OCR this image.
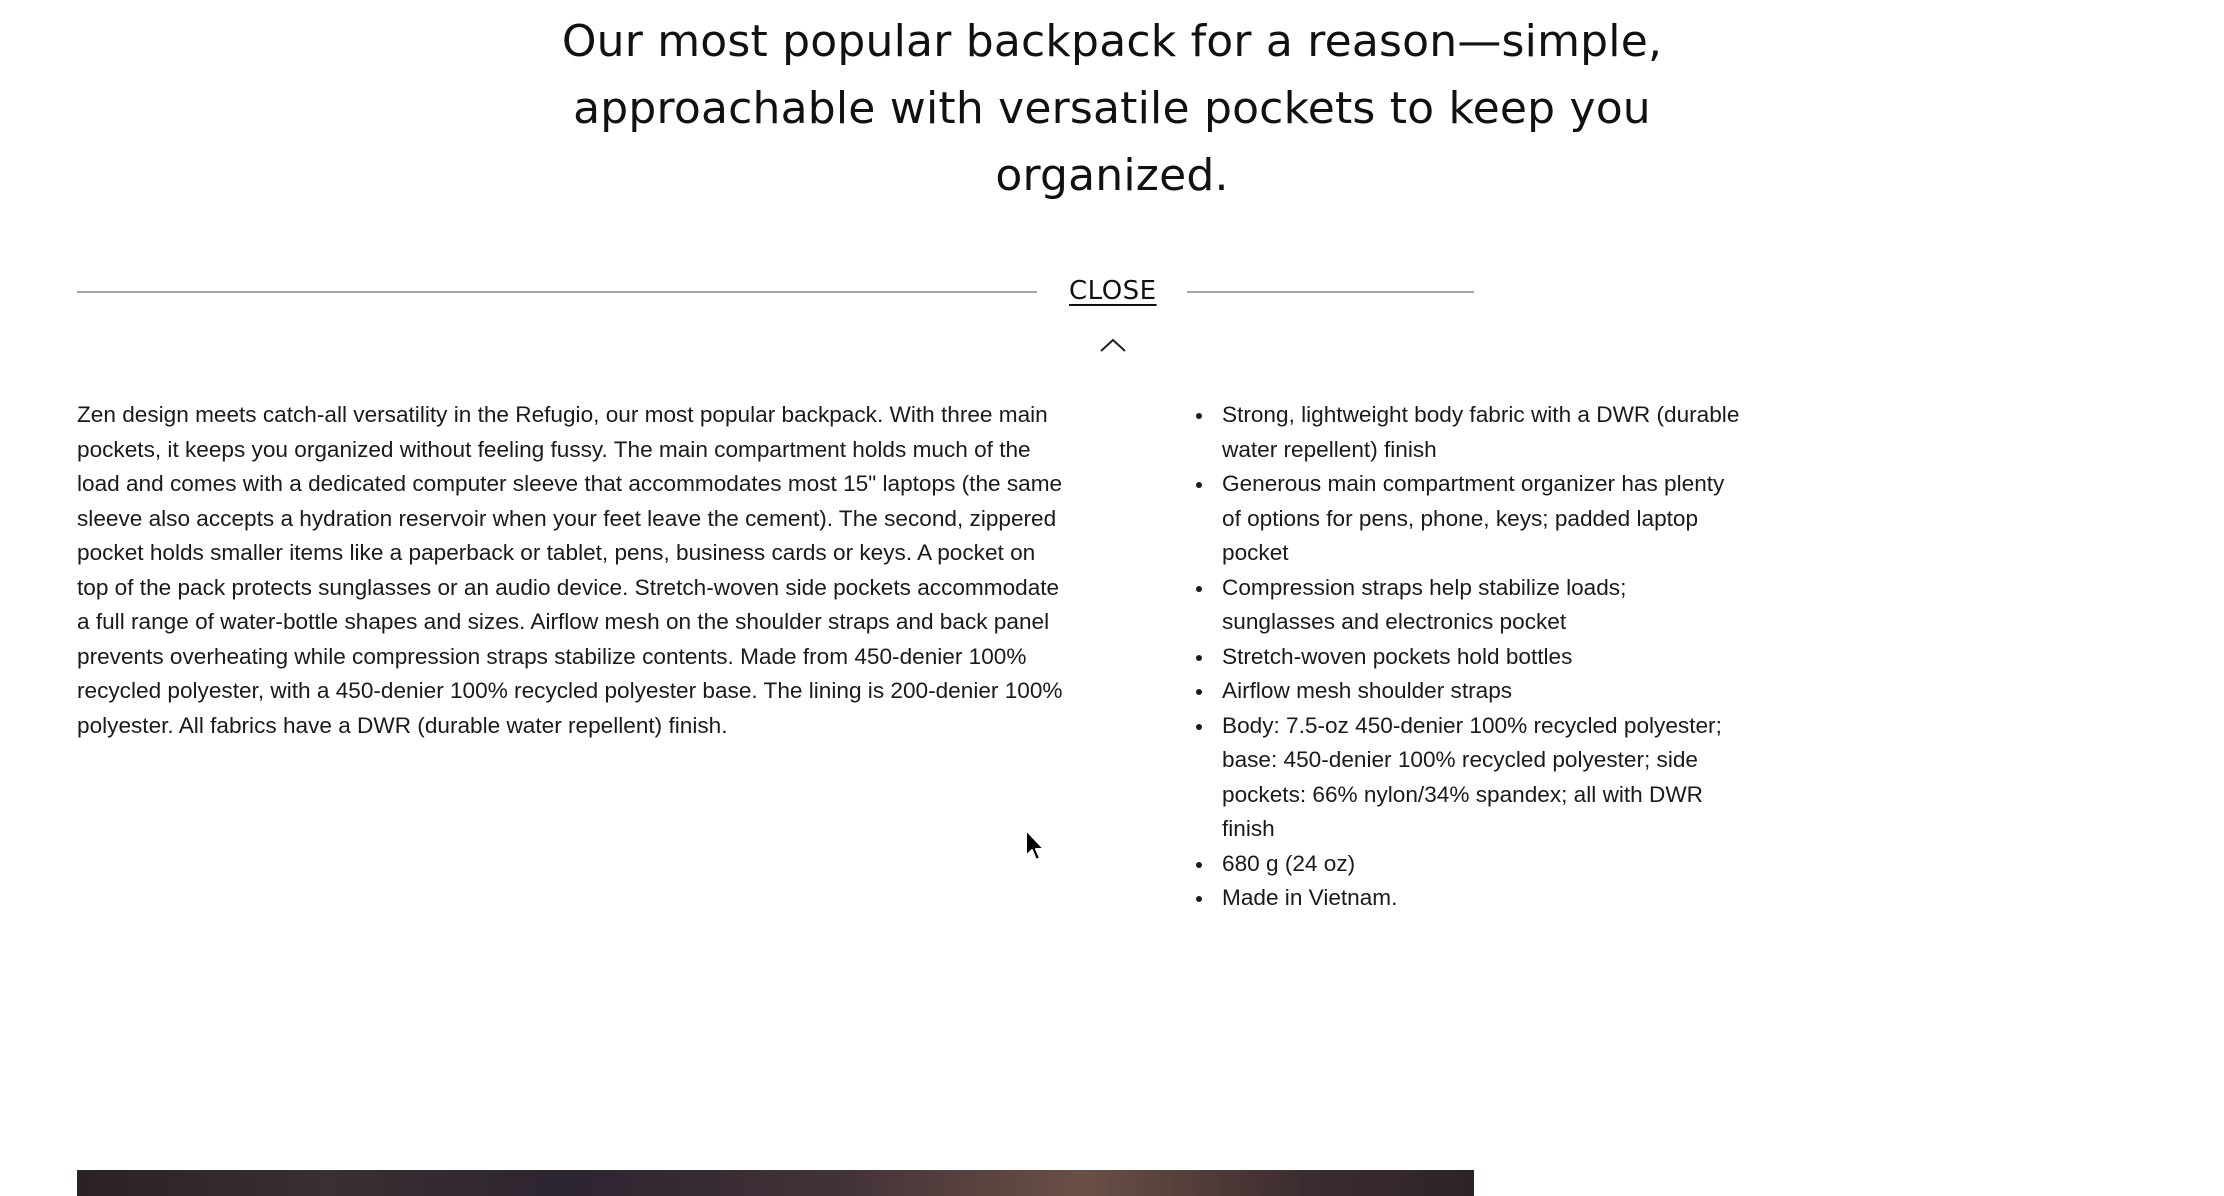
Our most popular backpack for a reason—simple,
approachable with versatile pockets to keep you
organized.
CLOSE

Zen design meets catch-all versatility in the Refugio, our most popular backpack. With three main pockets, it keeps you organized without feeling fussy. The main compartment holds much of the load and comes with a dedicated computer sleeve that accommodates most 15" laptops (the same sleeve also accepts a hydration reservoir when your feet leave the cement). The second, zippered pocket holds smaller items like a paperback or tablet, pens, business cards or keys. A pocket on top of the pack protects sunglasses or an audio device. Stretch-woven side pockets accommodate a full range of water-bottle shapes and sizes. Airflow mesh on the shoulder straps and back panel prevents overheating while compression straps stabilize contents. Made from 450-denier 100% recycled polyester, with a 450-denier 100% recycled polyester base. The lining is 200-denier 100% polyester. All fabrics have a DWR (durable water repellent) finish.

Strong, lightweight body fabric with a DWR (durable water repellent) finish
Generous main compartment organizer has plenty of options for pens, phone, keys; padded laptop pocket
Compression straps help stabilize loads; sunglasses and electronics pocket
Stretch-woven pockets hold bottles
Airflow mesh shoulder straps
Body: 7.5-oz 450-denier 100% recycled polyester; base: 450-denier 100% recycled polyester; side pockets: 66% nylon/34% spandex; all with DWR finish
680 g (24 oz)
Made in Vietnam.
